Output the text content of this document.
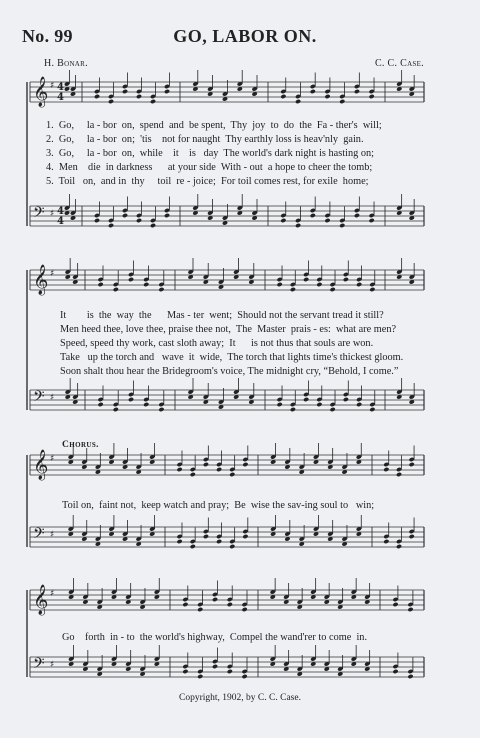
No. 99	GO, LABOR ON.
H. Bonar.	C. C. Case.
𝄞 ♯
𝄢 ♯
𝄞 ♯
𝄢 ♯
𝄞 ♯
𝄢 ♯
𝄞 ♯
𝄢 ♯
4
4
4
4
1.  Go,     la - bor  on,  spend  and  be spent,  Thy  joy  to  do  the  Fa - ther's  will;
2.  Go,     la - bor  on;  'tis    not for naught  Thy earthly loss is heav'nly  gain.
3.  Go,     la - bor  on,  while    it    is   day  The world's dark night is hasting on;
4.  Men    die  in darkness      at your side  With - out  a hope to cheer the tomb;
5.  Toil   on,  and in  thy     toil  re - joice;  For toil comes rest, for exile  home;
It        is  the  way  the      Mas - ter  went;  Should not the servant tread it still?
Men heed thee, love thee, praise thee not,  The  Master  prais - es:  what are men?
Speed, speed thy work, cast sloth away;  It      is not thus that souls are won.
Take   up the torch and   wave  it  wide,  The torch that lights time's thickest gloom.
Soon shalt thou hear the Bridegroom's voice, The midnight cry, “Behold, I come.”
Chorus.
Toil on,  faint not,  keep watch and pray;  Be  wise the sav-ing soul to   win;
Go    forth  in - to  the world's highway,  Compel the wand'rer to come  in.
Copyright, 1902, by C. C. Case.
